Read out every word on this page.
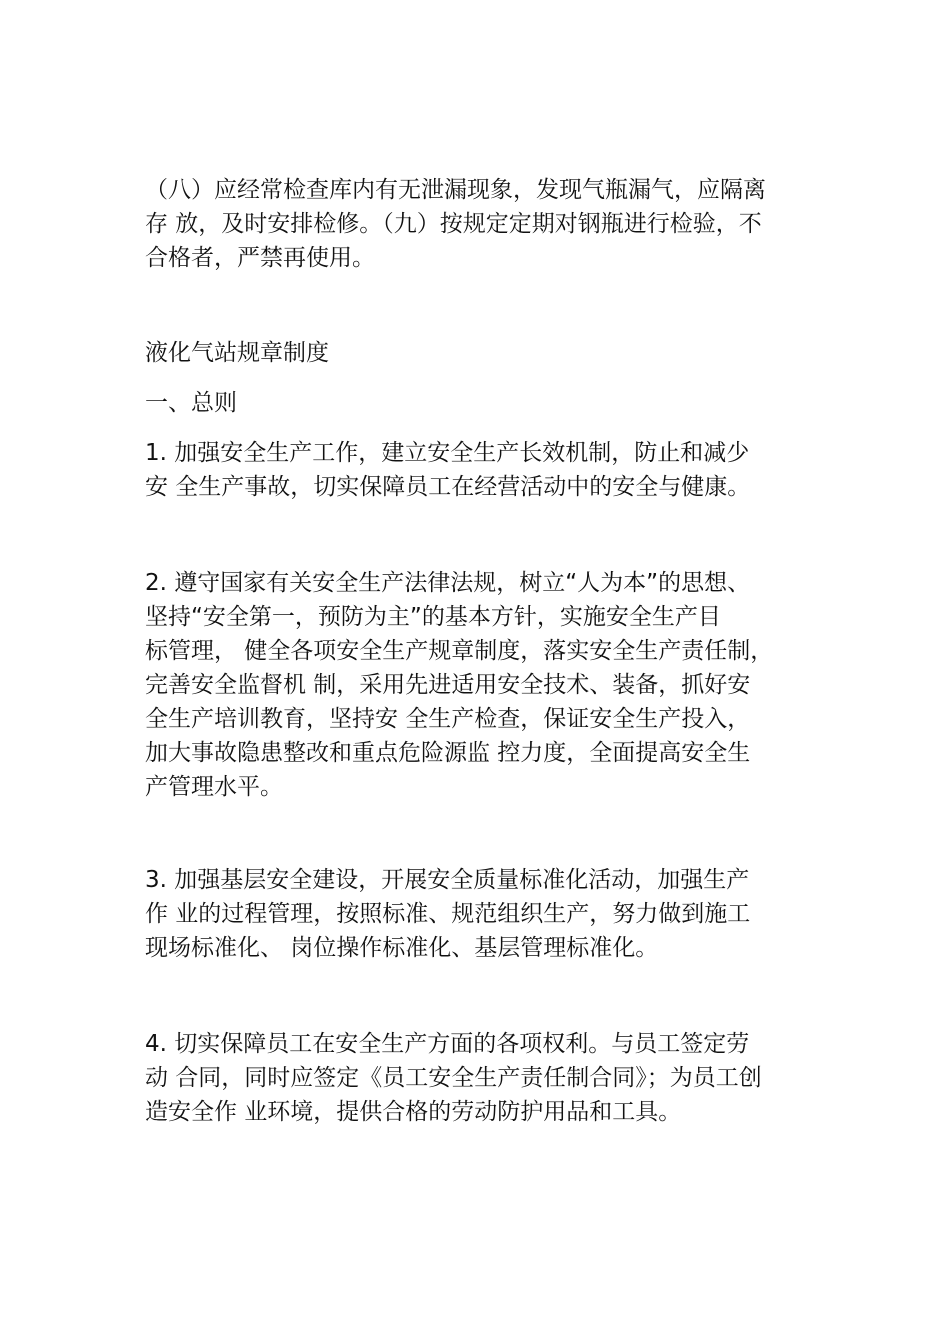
（八）应经常检查库内有无泄漏现象，发现气瓶漏气，应隔离
存 放，及时安排检修。（九）按规定定期对钢瓶进行检验，不
合格者，严禁再使用。
液化气站规章制度
一、总则
1. 加强安全生产工作，建立安全生产长效机制，防止和减少
安 全生产事故，切实保障员工在经营活动中的安全与健康。
2. 遵守国家有关安全生产法律法规，树立“人为本”的思想、
坚持“安全第一，预防为主”的基本方针，实施安全生产目
标管理， 健全各项安全生产规章制度，落实安全生产责任制，
完善安全监督机 制，采用先进适用安全技术、装备，抓好安
全生产培训教育，坚持安 全生产检查，保证安全生产投入，
加大事故隐患整改和重点危险源监 控力度，全面提高安全生
产管理水平。
3. 加强基层安全建设，开展安全质量标准化活动，加强生产
作 业的过程管理，按照标准、规范组织生产，努力做到施工
现场标准化、 岗位操作标准化、基层管理标准化。
4. 切实保障员工在安全生产方面的各项权利。与员工签定劳
动 合同，同时应签定《员工安全生产责任制合同》；为员工创
造安全作 业环境，提供合格的劳动防护用品和工具。
